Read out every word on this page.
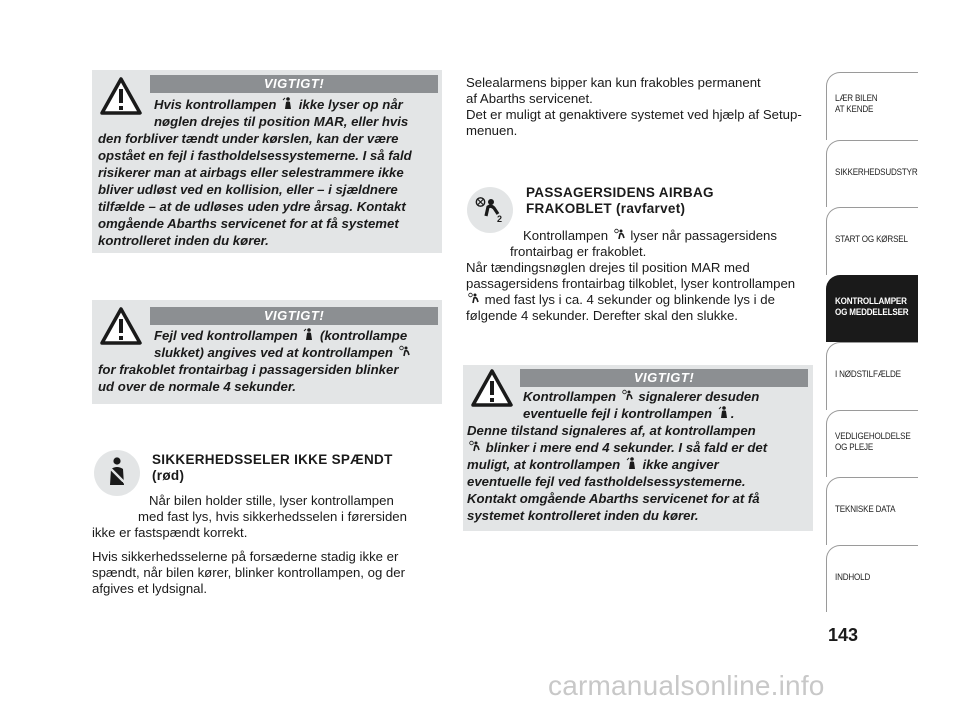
VIGTIGT!
Hvis kontrollampen  ikke lyser op når
nøglen drejes til position MAR, eller hvis
den forbliver tændt under kørslen, kan der være
opstået en fejl i fastholdelsessystemerne. I så fald
risikerer man at airbags eller selestrammere ikke
bliver udløst ved en kollision, eller – i sjældnere
tilfælde – at de udløses uden ydre årsag. Kontakt
omgående Abarths servicenet for at få systemet
kontrolleret inden du kører.
VIGTIGT!
Fejl ved kontrollampen  (kontrollampe
slukket) angives ved at kontrollampen
for frakoblet frontairbag i passagersiden blinker
ud over de normale 4 sekunder.
SIKKERHEDSSELER IKKE SPÆNDT
(rød)
Når bilen holder stille, lyser kontrollampen
med fast lys, hvis sikkerhedsselen i førersiden
ikke er fastspændt korrekt.
Hvis sikkerhedsselerne på forsæderne stadig ikke er
spændt, når bilen kører, blinker kontrollampen, og der
afgives et lydsignal.
Selealarmens bipper kan kun frakobles permanent
af Abarths servicenet.
Det er muligt at genaktivere systemet ved hjælp af Setup-
menuen.
2
PASSAGERSIDENS AIRBAG
FRAKOBLET (ravfarvet)
Kontrollampen  lyser når passagersidens
frontairbag er frakoblet.
Når tændingsnøglen drejes til position MAR med
passagersidens frontairbag tilkoblet, lyser kontrollampen
med fast lys i ca. 4 sekunder og blinkende lys i de
følgende 4 sekunder. Derefter skal den slukke.
VIGTIGT!
Kontrollampen  signalerer desuden
eventuelle fejl i kontrollampen .
Denne tilstand signaleres af, at kontrollampen
blinker i mere end 4 sekunder. I så fald er det
muligt, at kontrollampen  ikke angiver
eventuelle fejl ved fastholdelsessystemerne.
Kontakt omgående Abarths servicenet for at få
systemet kontrolleret inden du kører.
LÆR BILEN
AT KENDE
SIKKERHEDSUDSTYR
START OG KØRSEL
KONTROLLAMPER
OG MEDDELELSER
I NØDSTILFÆLDE
VEDLIGEHOLDELSE
OG PLEJE
TEKNISKE DATA
INDHOLD
143
carmanualsonline.info
